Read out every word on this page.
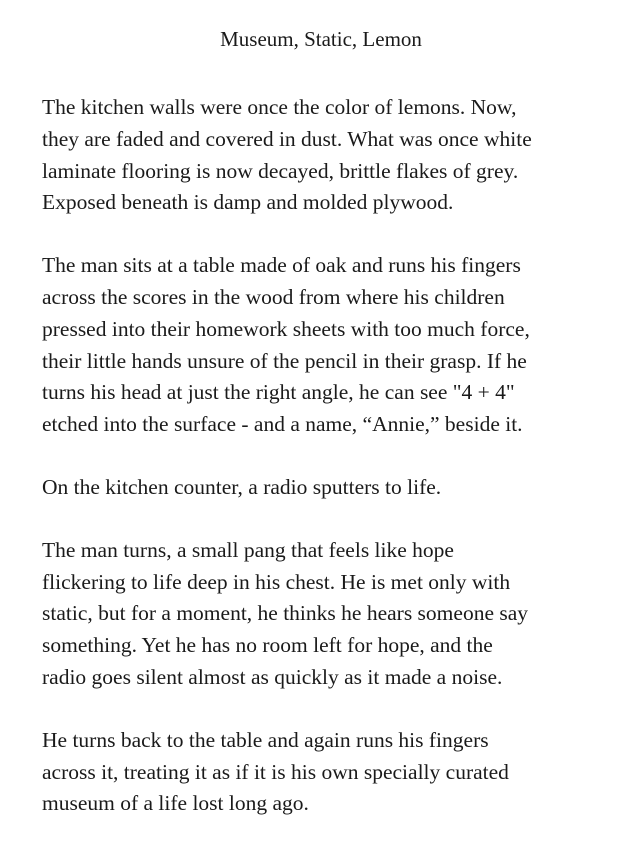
Museum, Static, Lemon

The kitchen walls were once the color of lemons. Now,
they are faded and covered in dust. What was once white
laminate flooring is now decayed, brittle flakes of grey.
Exposed beneath is damp and molded plywood.

The man sits at a table made of oak and runs his fingers
across the scores in the wood from where his children
pressed into their homework sheets with too much force,
their little hands unsure of the pencil in their grasp. If he
turns his head at just the right angle, he can see "4 + 4"
etched into the surface - and a name, “Annie,” beside it.

On the kitchen counter, a radio sputters to life.

The man turns, a small pang that feels like hope
flickering to life deep in his chest. He is met only with
static, but for a moment, he thinks he hears someone say
something. Yet he has no room left for hope, and the
radio goes silent almost as quickly as it made a noise.

He turns back to the table and again runs his fingers
across it, treating it as if it is his own specially curated
museum of a life lost long ago.
